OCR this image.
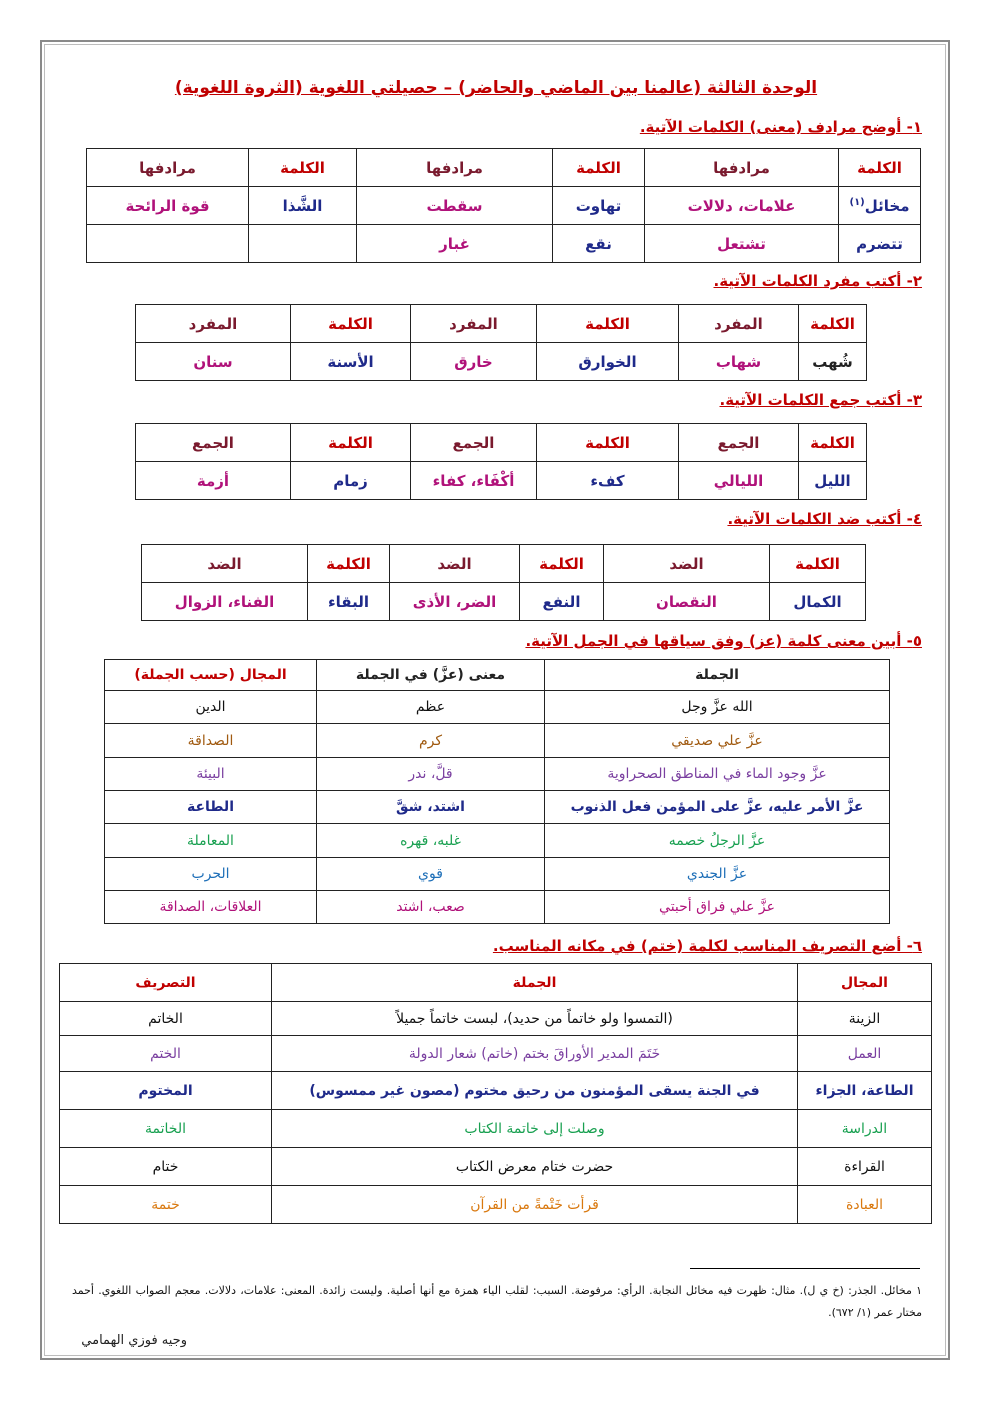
الوحدة الثالثة (عالمنا بين الماضي والحاضر) – حصيلتي اللغوية (الثروة اللغوية)
١- أوضح مرادف (معنى) الكلمات الآتية.
الكلمة	مرادفها	الكلمة	مرادفها	الكلمة	مرادفها
مخائل$^{(١)}$	علامات، دلالات	تهاوت	سقطت	الشَّذا	قوة الرائحة
تتضرم	تشتعل	نقع	غبار		
٢- أكتب مفرد الكلمات الآتية.
الكلمة	المفرد	الكلمة	المفرد	الكلمة	المفرد
شُهب	شهاب	الخوارق	خارق	الأسنة	سنان
٣- أكتب جمع الكلمات الآتية.
الكلمة	الجمع	الكلمة	الجمع	الكلمة	الجمع
الليل	الليالي	كفء	أكْفَاء، كفاء	زمام	أزمة
٤- أكتب ضد الكلمات الآتية.
الكلمة	الضد	الكلمة	الضد	الكلمة	الضد
الكمال	النقصان	النفع	الضر، الأذى	البقاء	الفناء، الزوال
٥- أبين معنى كلمة (عز) وفق سياقها في الجمل الآتية.
الجملة	معنى (عزَّ) في الجملة	المجال (حسب الجملة)
الله عزَّ وجل	عظم	الدين
عزَّ علي صديقي	كرم	الصداقة
عزَّ وجود الماء في المناطق الصحراوية	قلَّ، ندر	البيئة
عزَّ الأمر عليه، عزَّ على المؤمن فعل الذنوب	اشتد، شقَّ	الطاعة
عزَّ الرجلُ خصمه	غلبه، قهره	المعاملة
عزَّ الجندي	قوي	الحرب
عزَّ علي فراق أحبتي	صعب، اشتد	العلاقات، الصداقة
٦- أضع التصريف المناسب لكلمة (ختم) في مكانه المناسب.
المجال	الجملة	التصريف
الزينة	(التمسوا ولو خاتماً من حديد)، لبست خاتماً جميلاً	الخاتم
العمل	خَتَمَ المدير الأوراقَ بختم (خاتم) شعار الدولة	الختم
الطاعة، الجزاء	في الجنة يسقى المؤمنون من رحيق مختوم (مصون غير ممسوس)	المختوم
الدراسة	وصلت إلى خاتمة الكتاب	الخاتمة
القراءة	حضرت ختام معرض الكتاب	ختام
العبادة	قرأت خَتْمةً من القرآن	ختمة
١ مخائل. الجذر: (خ ي ل). مثال: ظهرت فيه مخائل النجابة. الرأي: مرفوضة. السبب: لقلب الياء همزة مع أنها أصلية. وليست زائدة. المعنى: علامات، دلالات. معجم الصواب اللغوي. أحمد مختار عمر (١/ ٦٧٢).
وجيه فوزي الهمامي
